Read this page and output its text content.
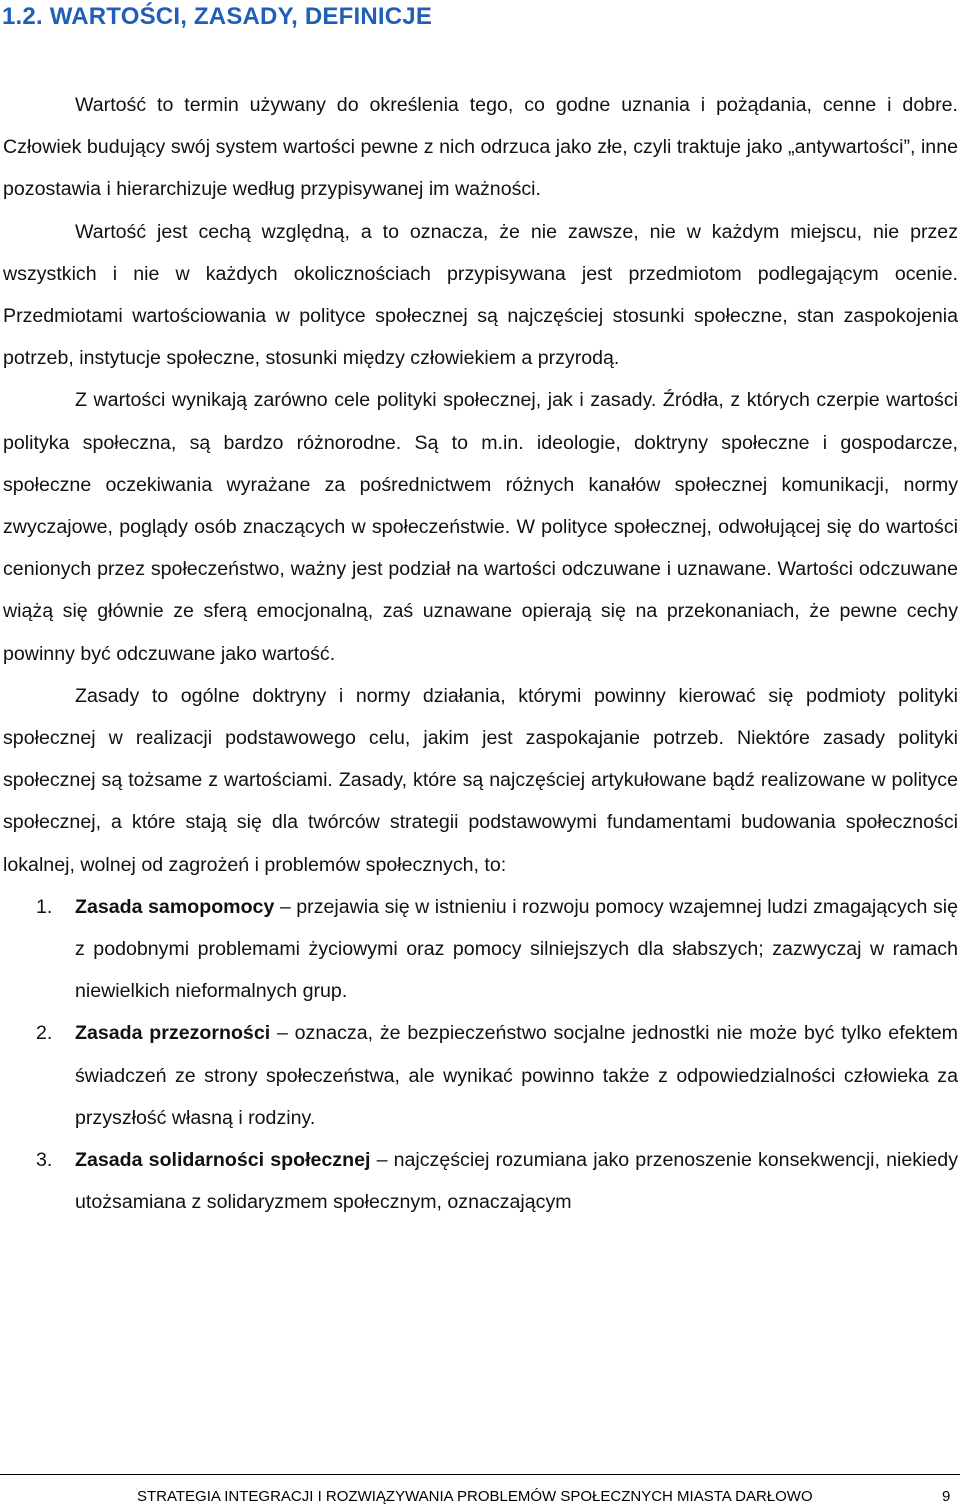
1.2. WARTOŚCI, ZASADY, DEFINICJE

Wartość to termin używany do określenia tego, co godne uznania i pożądania, cenne i dobre. Człowiek budujący swój system wartości pewne z nich odrzuca jako złe, czyli traktuje jako „antywartości”, inne pozostawia i hierarchizuje według przypisywanej im ważności.

Wartość jest cechą względną, a to oznacza, że nie zawsze, nie w każdym miejscu, nie przez wszystkich i nie w każdych okolicznościach przypisywana jest przedmiotom podlegającym ocenie. Przedmiotami wartościowania w polityce społecznej są najczęściej stosunki społeczne, stan zaspokojenia potrzeb, instytucje społeczne, stosunki między człowiekiem a przyrodą.

Z wartości wynikają zarówno cele polityki społecznej, jak i zasady. Źródła, z których czerpie wartości polityka społeczna, są bardzo różnorodne. Są to m.in. ideologie, doktryny społeczne i gospodarcze, społeczne oczekiwania wyrażane za pośrednictwem różnych kanałów społecznej komunikacji, normy zwyczajowe, poglądy osób znaczących w społeczeństwie. W polityce społecznej, odwołującej się do wartości cenionych przez społeczeństwo, ważny jest podział na wartości odczuwane i uznawane. Wartości odczuwane wiążą się głównie ze sferą emocjonalną, zaś uznawane opierają się na przekonaniach, że pewne cechy powinny być odczuwane jako wartość.

Zasady to ogólne doktryny i normy działania, którymi powinny kierować się podmioty polityki społecznej w realizacji podstawowego celu, jakim jest zaspokajanie potrzeb. Niektóre zasady polityki społecznej są tożsame z wartościami. Zasady, które są najczęściej artykułowane bądź realizowane w polityce społecznej, a które stają się dla twórców strategii podstawowymi fundamentami budowania społeczności lokalnej, wolnej od zagrożeń i problemów społecznych, to:

1. Zasada samopomocy – przejawia się w istnieniu i rozwoju pomocy wzajemnej ludzi zmagających się z podobnymi problemami życiowymi oraz pomocy silniejszych dla słabszych; zazwyczaj w ramach niewielkich nieformalnych grup.
2. Zasada przezorności – oznacza, że bezpieczeństwo socjalne jednostki nie może być tylko efektem świadczeń ze strony społeczeństwa, ale wynikać powinno także z odpowiedzialności człowieka za przyszłość własną i rodziny.
3. Zasada solidarności społecznej – najczęściej rozumiana jako przenoszenie konsekwencji, niekiedy utożsamiana z solidaryzmem społecznym, oznaczającym
STRATEGIA INTEGRACJI I ROZWIĄZYWANIA PROBLEMÓW SPOŁECZNYCH MIASTA DARŁOWO	9
